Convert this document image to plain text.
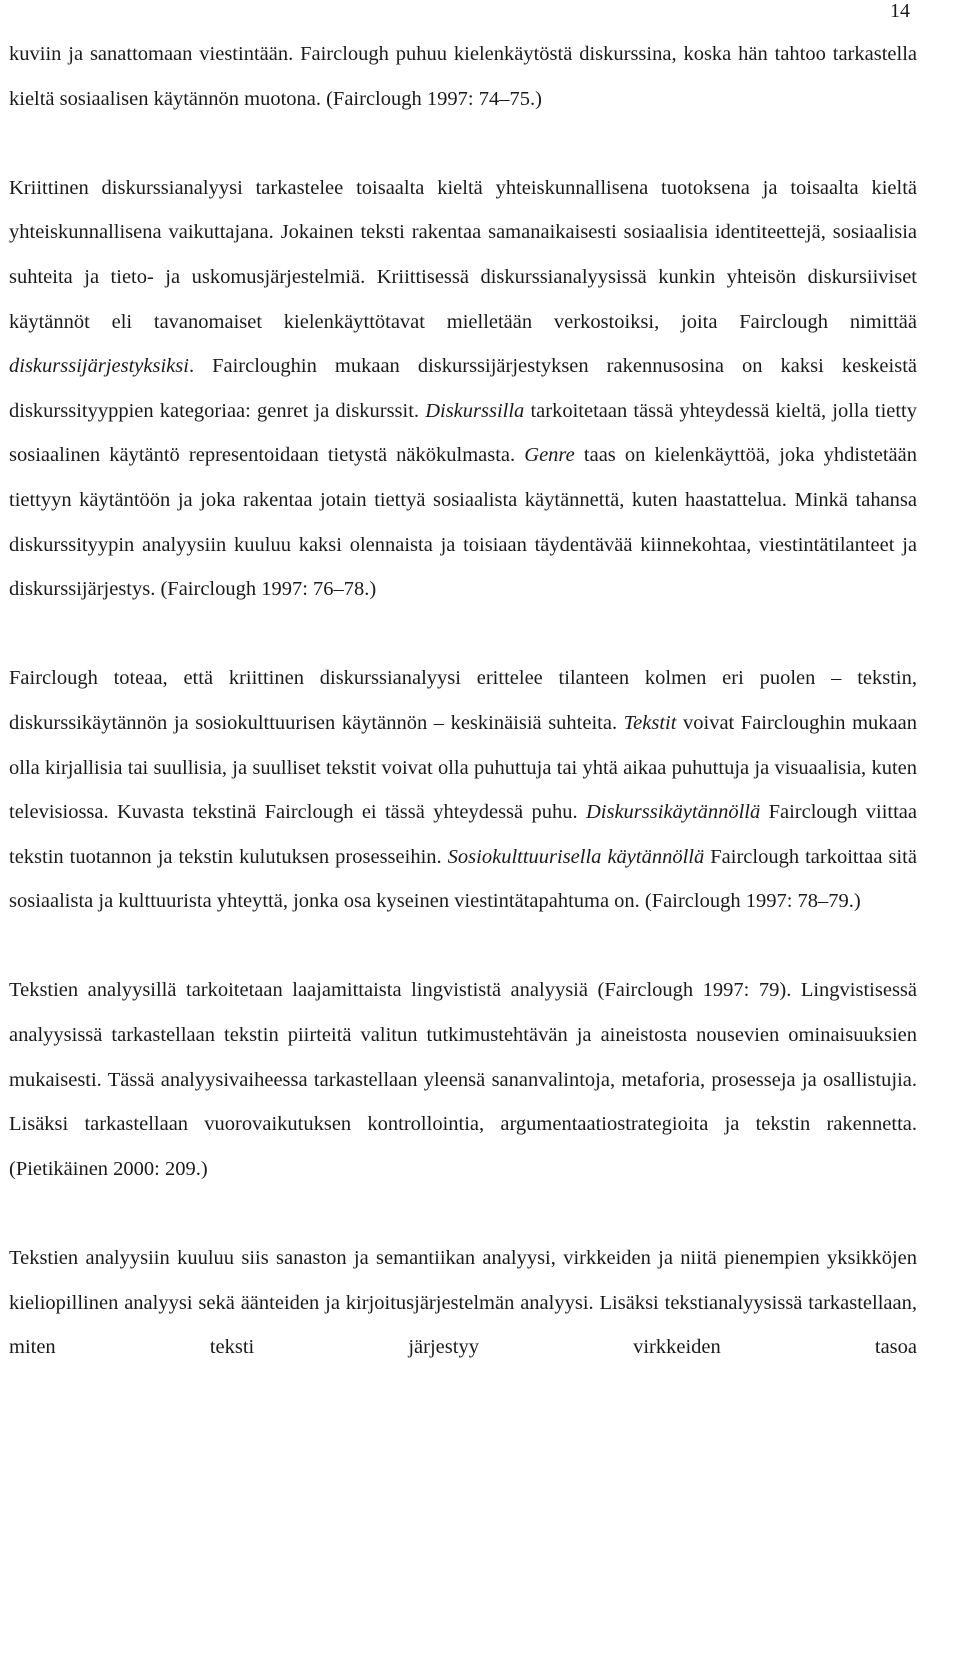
14

kuviin ja sanattomaan viestintään. Fairclough puhuu kielenkäytöstä diskurssina, koska hän tahtoo tarkastella kieltä sosiaalisen käytännön muotona. (Fairclough 1997: 74–75.)

Kriittinen diskurssianalyysi tarkastelee toisaalta kieltä yhteiskunnallisena tuotoksena ja toisaalta kieltä yhteiskunnallisena vaikuttajana. Jokainen teksti rakentaa samanaikaisesti sosiaalisia identiteettejä, sosiaalisia suhteita ja tieto- ja uskomusjärjestelmiä. Kriittisessä diskurssianalyysissä kunkin yhteisön diskursiiviset käytännöt eli tavanomaiset kielenkäyttötavat mielletään verkostoiksi, joita Fairclough nimittää diskurssijärjestyksiksi. Faircloughin mukaan diskurssijärjestyksen rakennusosina on kaksi keskeistä diskurssityyppien kategoriaa: genret ja diskurssit. Diskurssilla tarkoitetaan tässä yhteydessä kieltä, jolla tietty sosiaalinen käytäntö representoidaan tietystä näkökulmasta. Genre taas on kielenkäyttöä, joka yhdistetään tiettyyn käytäntöön ja joka rakentaa jotain tiettyä sosiaalista käytännettä, kuten haastattelua. Minkä tahansa diskurssityypin analyysiin kuuluu kaksi olennaista ja toisiaan täydentävää kiinnekohtaa, viestintätilanteet ja diskurssijärjestys. (Fairclough 1997: 76–78.)

Fairclough toteaa, että kriittinen diskurssianalyysi erittelee tilanteen kolmen eri puolen – tekstin, diskurssikäytännön ja sosiokulttuurisen käytännön – keskinäisiä suhteita. Tekstit voivat Faircloughin mukaan olla kirjallisia tai suullisia, ja suulliset tekstit voivat olla puhuttuja tai yhtä aikaa puhuttuja ja visuaalisia, kuten televisiossa. Kuvasta tekstinä Fairclough ei tässä yhteydessä puhu. Diskurssikäytännöllä Fairclough viittaa tekstin tuotannon ja tekstin kulutuksen prosesseihin. Sosiokulttuurisella käytännöllä Fairclough tarkoittaa sitä sosiaalista ja kulttuurista yhteyttä, jonka osa kyseinen viestintätapahtuma on. (Fairclough 1997: 78–79.)

Tekstien analyysillä tarkoitetaan laajamittaista lingvististä analyysiä (Fairclough 1997: 79). Lingvistisessä analyysissä tarkastellaan tekstin piirteitä valitun tutkimustehtävän ja aineistosta nousevien ominaisuuksien mukaisesti. Tässä analyysivaiheessa tarkastellaan yleensä sananvalintoja, metaforia, prosesseja ja osallistujia. Lisäksi tarkastellaan vuorovaikutuksen kontrollointia, argumentaatiostrategioita ja tekstin rakennetta. (Pietikäinen 2000: 209.)

Tekstien analyysiin kuuluu siis sanaston ja semantiikan analyysi, virkkeiden ja niitä pienempien yksikköjen kieliopillinen analyysi sekä äänteiden ja kirjoitusjärjestelmän analyysi. Lisäksi tekstianalyysissä tarkastellaan, miten teksti järjestyy virkkeiden tasoa
